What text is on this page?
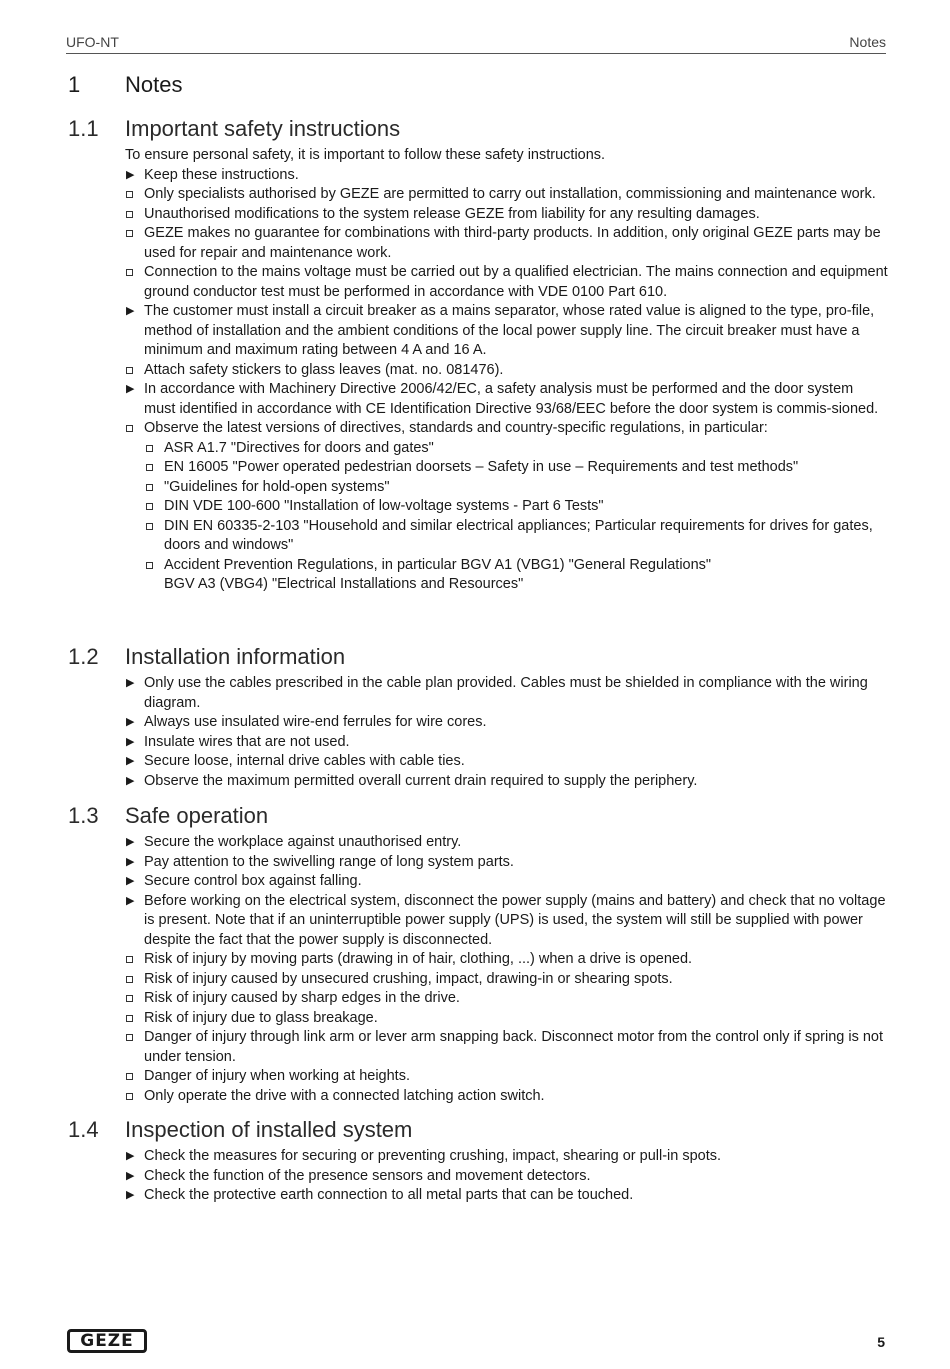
UFO-NT	Notes
1 Notes
1.1 Important safety instructions
To ensure personal safety, it is important to follow these safety instructions.
▶ Keep these instructions.
Only specialists authorised by GEZE are permitted to carry out installation, commissioning and maintenance work.
Unauthorised modifications to the system release GEZE from liability for any resulting damages.
GEZE makes no guarantee for combinations with third-party products. In addition, only original GEZE parts may be used for repair and maintenance work.
Connection to the mains voltage must be carried out by a qualified electrician. The mains connection and equipment ground conductor test must be performed in accordance with VDE 0100 Part 610.
▶ The customer must install a circuit breaker as a mains separator, whose rated value is aligned to the type, pro-file, method of installation and the ambient conditions of the local power supply line. The circuit breaker must have a minimum and maximum rating between 4 A and 16 A.
Attach safety stickers to glass leaves (mat. no. 081476).
▶ In accordance with Machinery Directive 2006/42/EC, a safety analysis must be performed and the door system must identified in accordance with CE Identification Directive 93/68/EEC before the door system is commis-sioned.
Observe the latest versions of directives, standards and country-specific regulations, in particular:
ASR A1.7 "Directives for doors and gates"
EN 16005 "Power operated pedestrian doorsets – Safety in use – Requirements and test methods"
"Guidelines for hold-open systems"
DIN VDE 100-600 "Installation of low-voltage systems - Part 6 Tests"
DIN EN 60335-2-103 "Household and similar electrical appliances; Particular requirements for drives for gates, doors and windows"
Accident Prevention Regulations, in particular BGV A1 (VBG1) "General Regulations"
BGV A3 (VBG4) "Electrical Installations and Resources"
1.2 Installation information
▶ Only use the cables prescribed in the cable plan provided. Cables must be shielded in compliance with the wiring diagram.
▶ Always use insulated wire-end ferrules for wire cores.
▶ Insulate wires that are not used.
▶ Secure loose, internal drive cables with cable ties.
▶ Observe the maximum permitted overall current drain required to supply the periphery.
1.3 Safe operation
▶ Secure the workplace against unauthorised entry.
▶ Pay attention to the swivelling range of long system parts.
▶ Secure control box against falling.
▶ Before working on the electrical system, disconnect the power supply (mains and battery) and check that no voltage is present. Note that if an uninterruptible power supply (UPS) is used, the system will still be supplied with power despite the fact that the power supply is disconnected.
Risk of injury by moving parts (drawing in of hair, clothing, ...) when a drive is opened.
Risk of injury caused by unsecured crushing, impact, drawing-in or shearing spots.
Risk of injury caused by sharp edges in the drive.
Risk of injury due to glass breakage.
Danger of injury through link arm or lever arm snapping back. Disconnect motor from the control only if spring is not under tension.
Danger of injury when working at heights.
Only operate the drive with a connected latching action switch.
1.4 Inspection of installed system
▶ Check the measures for securing or preventing crushing, impact, shearing or pull-in spots.
▶ Check the function of the presence sensors and movement detectors.
▶ Check the protective earth connection to all metal parts that can be touched.
GEZE	5
